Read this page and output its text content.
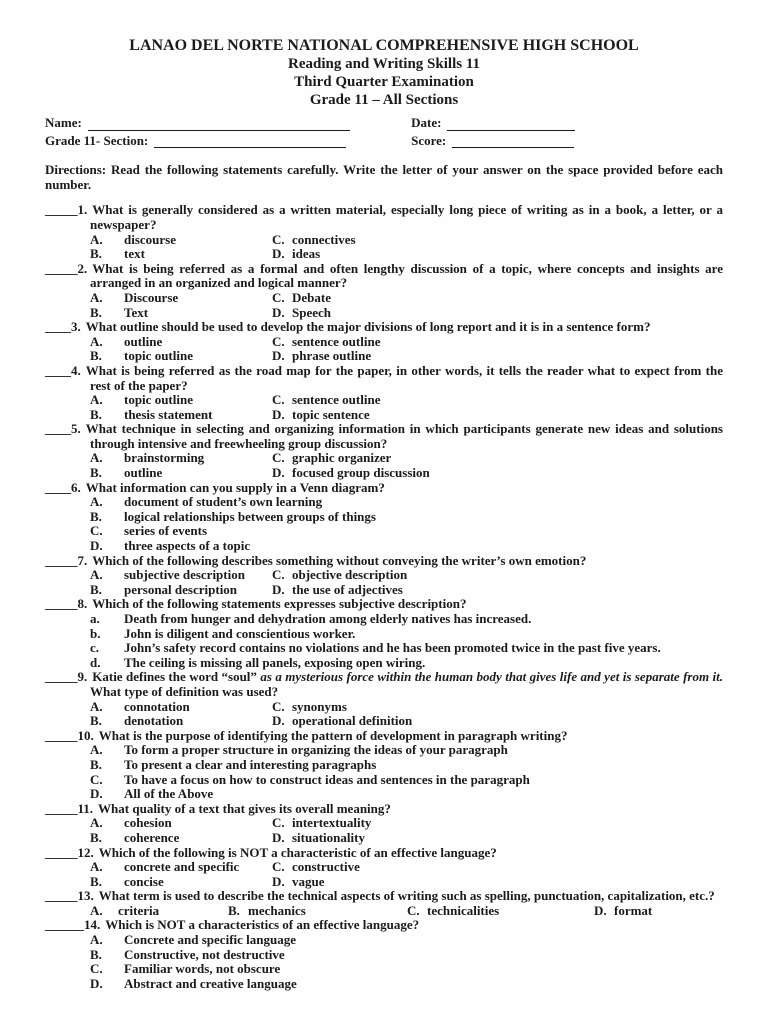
LANAO DEL NORTE NATIONAL COMPREHENSIVE HIGH SCHOOL
Reading and Writing Skills 11
Third Quarter Examination
Grade 11 – All Sections
Name:	Date:
Grade 11- Section:	Score:
Directions: Read the following statements carefully. Write the letter of your answer on the space provided before each number.
_____1. What is generally considered as a written material, especially long piece of writing as in a book, a letter, or a newspaper?
A. discourse	C. connectives
B. text	D. ideas
_____2. What is being referred as a formal and often lengthy discussion of a topic, where concepts and insights are arranged in an organized and logical manner?
A. Discourse	C. Debate
B. Text	D. Speech
____3. What outline should be used to develop the major divisions of long report and it is in a sentence form?
A. outline	C. sentence outline
B. topic outline	D. phrase outline
____4. What is being referred as the road map for the paper, in other words, it tells the reader what to expect from the rest of the paper?
A. topic outline	C. sentence outline
B. thesis statement	D. topic sentence
____5. What technique in selecting and organizing information in which participants generate new ideas and solutions through intensive and freewheeling group discussion?
A. brainstorming	C. graphic organizer
B. outline	D. focused group discussion
____6. What information can you supply in a Venn diagram?
A. document of student’s own learning
B. logical relationships between groups of things
C. series of events
D. three aspects of a topic
_____7. Which of the following describes something without conveying the writer’s own emotion?
A. subjective description	C. objective description
B. personal description	D. the use of adjectives
_____8. Which of the following statements expresses subjective description?
a. Death from hunger and dehydration among elderly natives has increased.
b. John is diligent and conscientious worker.
c. John’s safety record contains no violations and he has been promoted twice in the past five years.
d. The ceiling is missing all panels, exposing open wiring.
_____9. Katie defines the word “soul” as a mysterious force within the human body that gives life and yet is separate from it. What type of definition was used?
A. connotation	C. synonyms
B. denotation	D. operational definition
_____10. What is the purpose of identifying the pattern of development in paragraph writing?
A. To form a proper structure in organizing the ideas of your paragraph
B. To present a clear and interesting paragraphs
C. To have a focus on how to construct ideas and sentences in the paragraph
D. All of the Above
_____11. What quality of a text that gives its overall meaning?
A. cohesion	C. intertextuality
B. coherence	D. situationality
_____12. Which of the following is NOT a characteristic of an effective language?
A. concrete and specific	C. constructive
B. concise	D. vague
_____13. What term is used to describe the technical aspects of writing such as spelling, punctuation, capitalization, etc.?
A. criteria	B. mechanics	C. technicalities	D. format
______14. Which is NOT a characteristics of an effective language?
A. Concrete and specific language
B. Constructive, not destructive
C. Familiar words, not obscure
D. Abstract and creative language
